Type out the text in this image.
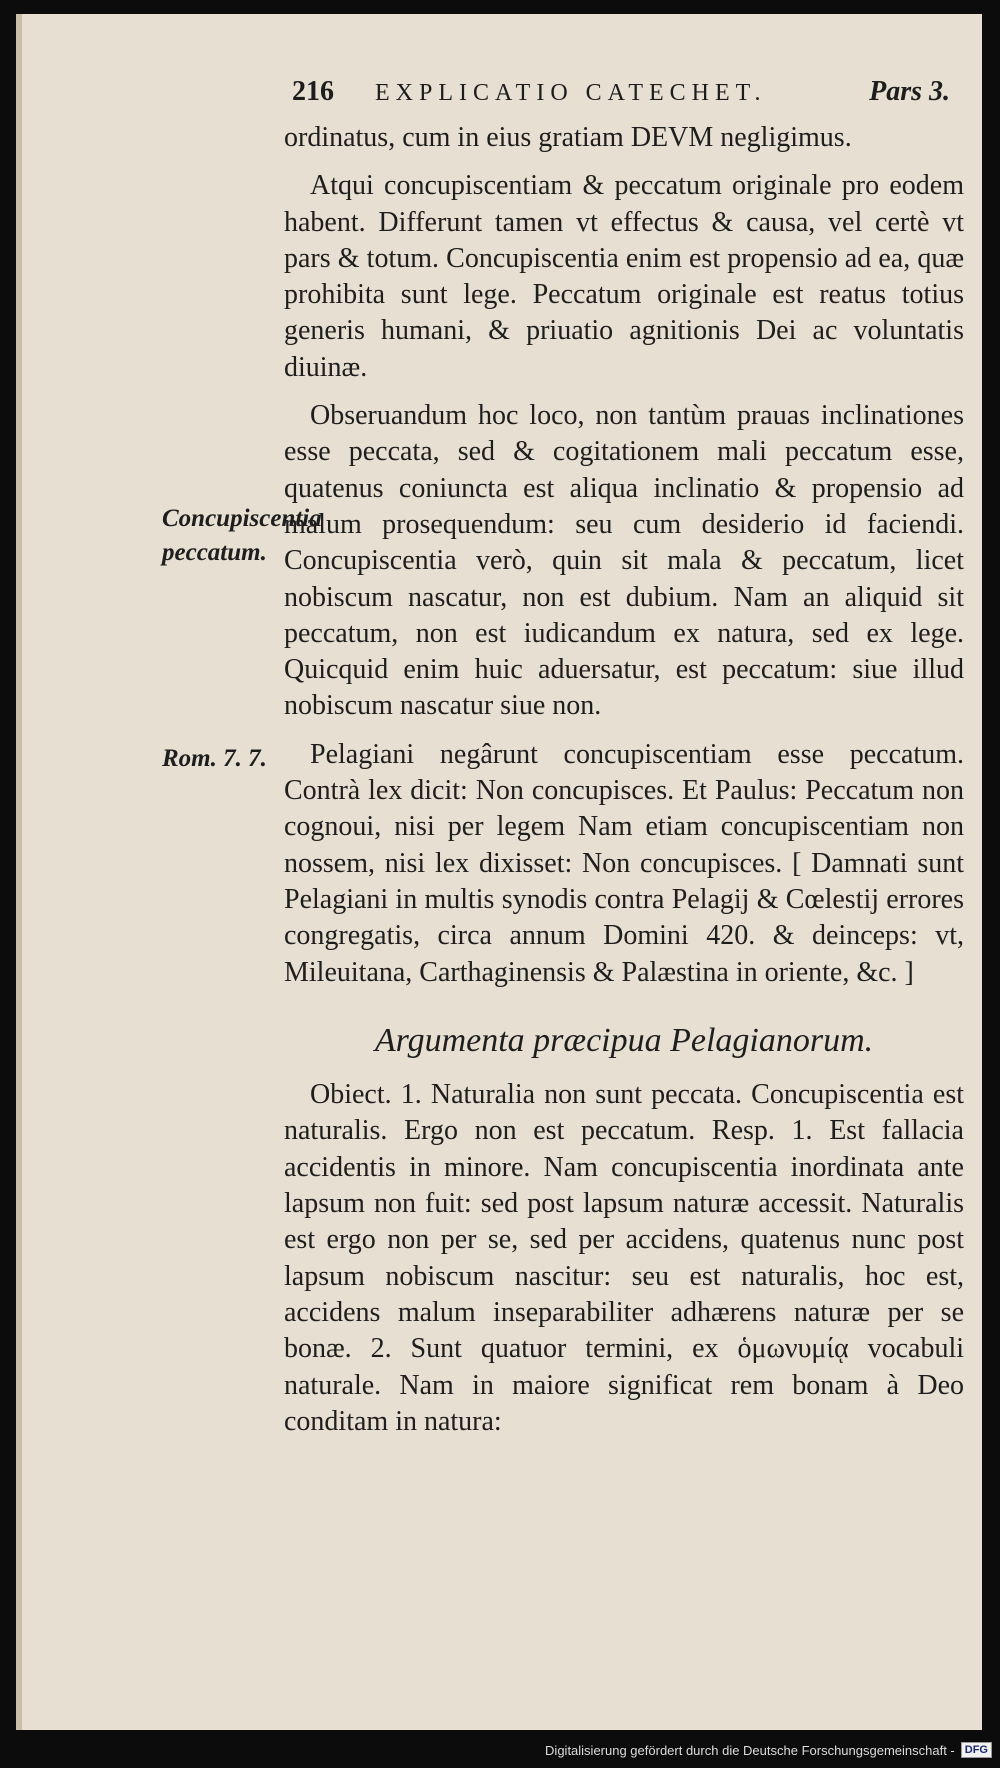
216 EXPLICATIO CATECHET.	Pars 3.
Concupiscentia peccatum.
Rom. 7. 7.

ordinatus, cum in eius gratiam DEVM negligimus.

Atqui concupiscentiam & peccatum originale pro eodem habent. Differunt tamen vt effectus & causa, vel certè vt pars & totum. Concupiscentia enim est propensio ad ea, quæ prohibita sunt lege. Peccatum originale est reatus totius generis humani, & priuatio agnitionis Dei ac voluntatis diuinæ.

Obseruandum hoc loco, non tantùm prauas inclinationes esse peccata, sed & cogitationem mali peccatum esse, quatenus coniuncta est aliqua inclinatio & propensio ad malum prosequendum: seu cum desiderio id faciendi. Concupiscentia verò, quin sit mala & peccatum, licet nobiscum nascatur, non est dubium. Nam an aliquid sit peccatum, non est iudicandum ex natura, sed ex lege. Quicquid enim huic aduersatur, est peccatum: siue illud nobiscum nascatur siue non.

Pelagiani negârunt concupiscentiam esse peccatum. Contrà lex dicit: Non concupisces. Et Paulus: Peccatum non cognoui, nisi per legem Nam etiam concupiscentiam non nossem, nisi lex dixisset: Non concupisces. [ Damnati sunt Pelagiani in multis synodis contra Pelagij & Cœlestij errores congregatis, circa annum Domini 420. & deinceps: vt, Mileuitana, Carthaginensis & Palæstina in oriente, &c. ]

Argumenta præcipua Pelagianorum.

Obiect. 1. Naturalia non sunt peccata. Concupiscentia est naturalis. Ergo non est peccatum. Resp. 1. Est fallacia accidentis in minore. Nam concupiscentia inordinata ante lapsum non fuit: sed post lapsum naturæ accessit. Naturalis est ergo non per se, sed per accidens, quatenus nunc post lapsum nobiscum nascitur: seu est naturalis, hoc est, accidens malum inseparabiliter adhærens naturæ per se bonæ. 2. Sunt quatuor termini, ex ὁμωνυμίᾳ vocabuli naturale. Nam in maiore significat rem bonam à Deo conditam in natura:

Digitalisierung gefördert durch die Deutsche Forschungsgemeinschaft - DFG
